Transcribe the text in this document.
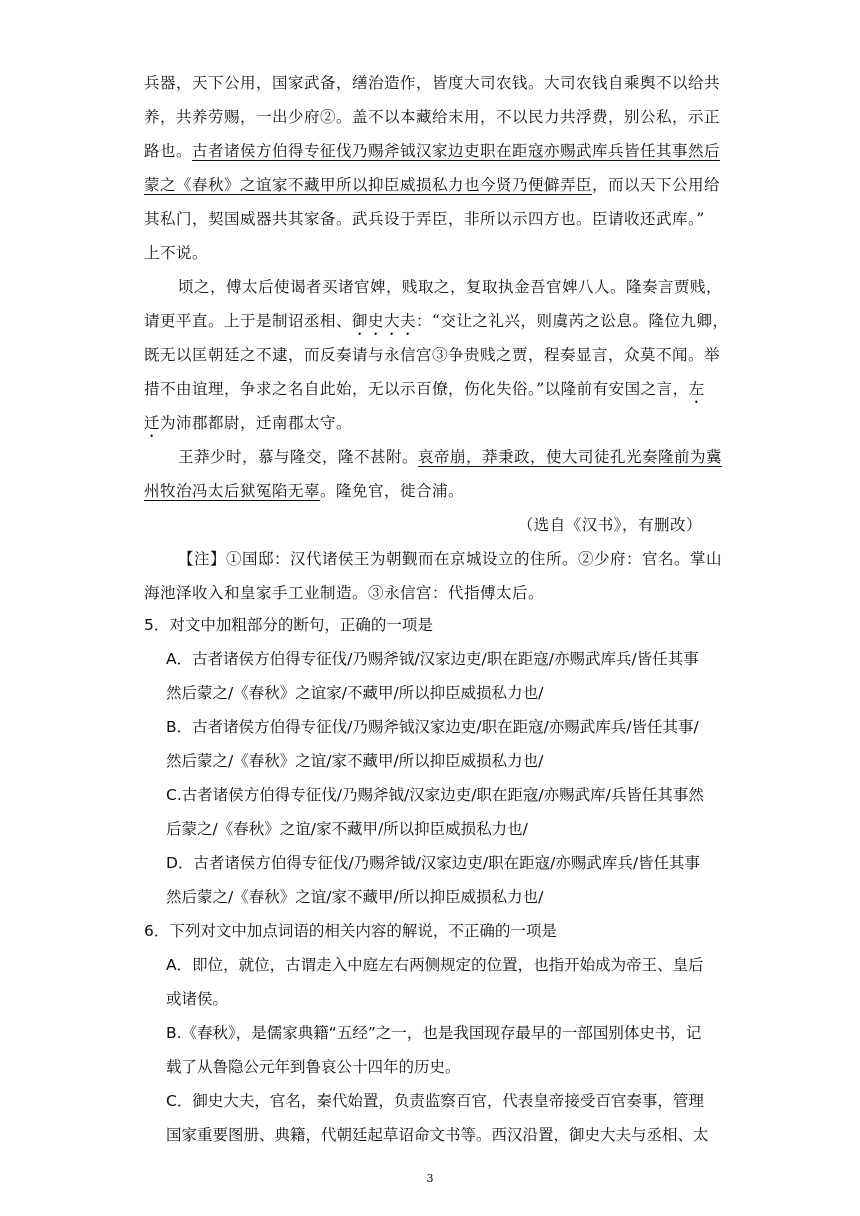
兵器，天下公用，国家武备，缮治造作，皆度大司农钱。大司农钱自乘舆不以给共
养，共养劳赐，一出少府②。盖不以本藏给末用，不以民力共浮费，别公私，示正
路也。古者诸侯方伯得专征伐乃赐斧钺汉家边吏职在距寇亦赐武库兵皆任其事然后
蒙之《春秋》之谊家不藏甲所以抑臣威损私力也今贤乃便僻弄臣，而以天下公用给
其私门，契国威器共其家备。武兵设于弄臣，非所以示四方也。臣请收还武库。”
上不说。
顷之，傅太后使谒者买诸官婢，贱取之，复取执金吾官婢八人。隆奏言贾贱，
请更平直。上于是制诏丞相、御史大夫：“交让之礼兴，则虞芮之讼息。隆位九卿，
既无以匡朝廷之不逮，而反奏请与永信宫③争贵贱之贾，程奏显言，众莫不闻。举
措不由谊理，争求之名自此始，无以示百僚，伤化失俗。”以隆前有安国之言，左
迁为沛郡都尉，迁南郡太守。
王莽少时，慕与隆交，隆不甚附。哀帝崩，莽秉政，使大司徒孔光奏隆前为冀
州牧治冯太后狱冤陷无辜。隆免官，徙合浦。
（选自《汉书》，有删改）
【注】①国邸：汉代诸侯王为朝觐而在京城设立的住所。②少府：官名。掌山
海池泽收入和皇家手工业制造。③永信宫：代指傅太后。
5．对文中加粗部分的断句，正确的一项是
A．古者诸侯方伯得专征伐/乃赐斧钺/汉家边吏/职在距寇/亦赐武库兵/皆任其事
然后蒙之/《春秋》之谊家/不藏甲/所以抑臣威损私力也/
B．古者诸侯方伯得专征伐/乃赐斧钺汉家边吏/职在距寇/亦赐武库兵/皆任其事/
然后蒙之/《春秋》之谊/家不藏甲/所以抑臣威损私力也/
C.古者诸侯方伯得专征伐/乃赐斧钺/汉家边吏/职在距寇/亦赐武库/兵皆任其事然
后蒙之/《春秋》之谊/家不藏甲/所以抑臣威损私力也/
D．古者诸侯方伯得专征伐/乃赐斧钺/汉家边吏/职在距寇/亦赐武库兵/皆任其事
然后蒙之/《春秋》之谊/家不藏甲/所以抑臣威损私力也/
6．下列对文中加点词语的相关内容的解说，不正确的一项是
A．即位，就位，古谓走入中庭左右两侧规定的位置，也指开始成为帝王、皇后
或诸侯。
B.《春秋》，是儒家典籍“五经”之一，也是我国现存最早的一部国别体史书，记
载了从鲁隐公元年到鲁哀公十四年的历史。
C．御史大夫，官名，秦代始置，负责监察百官，代表皇帝接受百官奏事，管理
国家重要图册、典籍，代朝廷起草诏命文书等。西汉沿置，御史大夫与丞相、太
3
